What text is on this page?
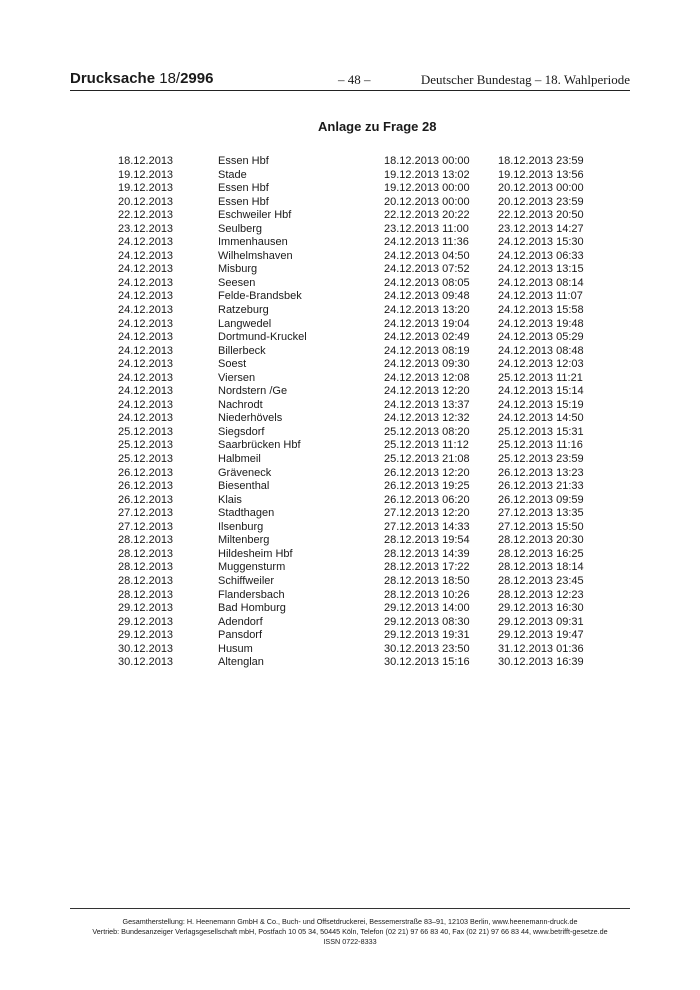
Drucksache 18/2996	– 48 –	Deutscher Bundestag – 18. Wahlperiode
Anlage zu Frage 28
18.12.2013	Essen Hbf	18.12.2013 00:00	18.12.2013 23:59
19.12.2013	Stade	19.12.2013 13:02	19.12.2013 13:56
19.12.2013	Essen Hbf	19.12.2013 00:00	20.12.2013 00:00
20.12.2013	Essen Hbf	20.12.2013 00:00	20.12.2013 23:59
22.12.2013	Eschweiler Hbf	22.12.2013 20:22	22.12.2013 20:50
23.12.2013	Seulberg	23.12.2013 11:00	23.12.2013 14:27
24.12.2013	Immenhausen	24.12.2013 11:36	24.12.2013 15:30
24.12.2013	Wilhelmshaven	24.12.2013 04:50	24.12.2013 06:33
24.12.2013	Misburg	24.12.2013 07:52	24.12.2013 13:15
24.12.2013	Seesen	24.12.2013 08:05	24.12.2013 08:14
24.12.2013	Felde-Brandsbek	24.12.2013 09:48	24.12.2013 11:07
24.12.2013	Ratzeburg	24.12.2013 13:20	24.12.2013 15:58
24.12.2013	Langwedel	24.12.2013 19:04	24.12.2013 19:48
24.12.2013	Dortmund-Kruckel	24.12.2013 02:49	24.12.2013 05:29
24.12.2013	Billerbeck	24.12.2013 08:19	24.12.2013 08:48
24.12.2013	Soest	24.12.2013 09:30	24.12.2013 12:03
24.12.2013	Viersen	24.12.2013 12:08	25.12.2013 11:21
24.12.2013	Nordstern /Ge	24.12.2013 12:20	24.12.2013 15:14
24.12.2013	Nachrodt	24.12.2013 13:37	24.12.2013 15:19
24.12.2013	Niederhövels	24.12.2013 12:32	24.12.2013 14:50
25.12.2013	Siegsdorf	25.12.2013 08:20	25.12.2013 15:31
25.12.2013	Saarbrücken Hbf	25.12.2013 11:12	25.12.2013 11:16
25.12.2013	Halbmeil	25.12.2013 21:08	25.12.2013 23:59
26.12.2013	Gräveneck	26.12.2013 12:20	26.12.2013 13:23
26.12.2013	Biesenthal	26.12.2013 19:25	26.12.2013 21:33
26.12.2013	Klais	26.12.2013 06:20	26.12.2013 09:59
27.12.2013	Stadthagen	27.12.2013 12:20	27.12.2013 13:35
27.12.2013	Ilsenburg	27.12.2013 14:33	27.12.2013 15:50
28.12.2013	Miltenberg	28.12.2013 19:54	28.12.2013 20:30
28.12.2013	Hildesheim Hbf	28.12.2013 14:39	28.12.2013 16:25
28.12.2013	Muggensturm	28.12.2013 17:22	28.12.2013 18:14
28.12.2013	Schiffweiler	28.12.2013 18:50	28.12.2013 23:45
28.12.2013	Flandersbach	28.12.2013 10:26	28.12.2013 12:23
29.12.2013	Bad Homburg	29.12.2013 14:00	29.12.2013 16:30
29.12.2013	Adendorf	29.12.2013 08:30	29.12.2013 09:31
29.12.2013	Pansdorf	29.12.2013 19:31	29.12.2013 19:47
30.12.2013	Husum	30.12.2013 23:50	31.12.2013 01:36
30.12.2013	Altenglan	30.12.2013 15:16	30.12.2013 16:39
Gesamtherstellung: H. Heenemann GmbH & Co., Buch- und Offsetdruckerei, Bessemerstraße 83–91, 12103 Berlin, www.heenemann-druck.de
Vertrieb: Bundesanzeiger Verlagsgesellschaft mbH, Postfach 10 05 34, 50445 Köln, Telefon (02 21) 97 66 83 40, Fax (02 21) 97 66 83 44, www.betrifft-gesetze.de
ISSN 0722-8333
